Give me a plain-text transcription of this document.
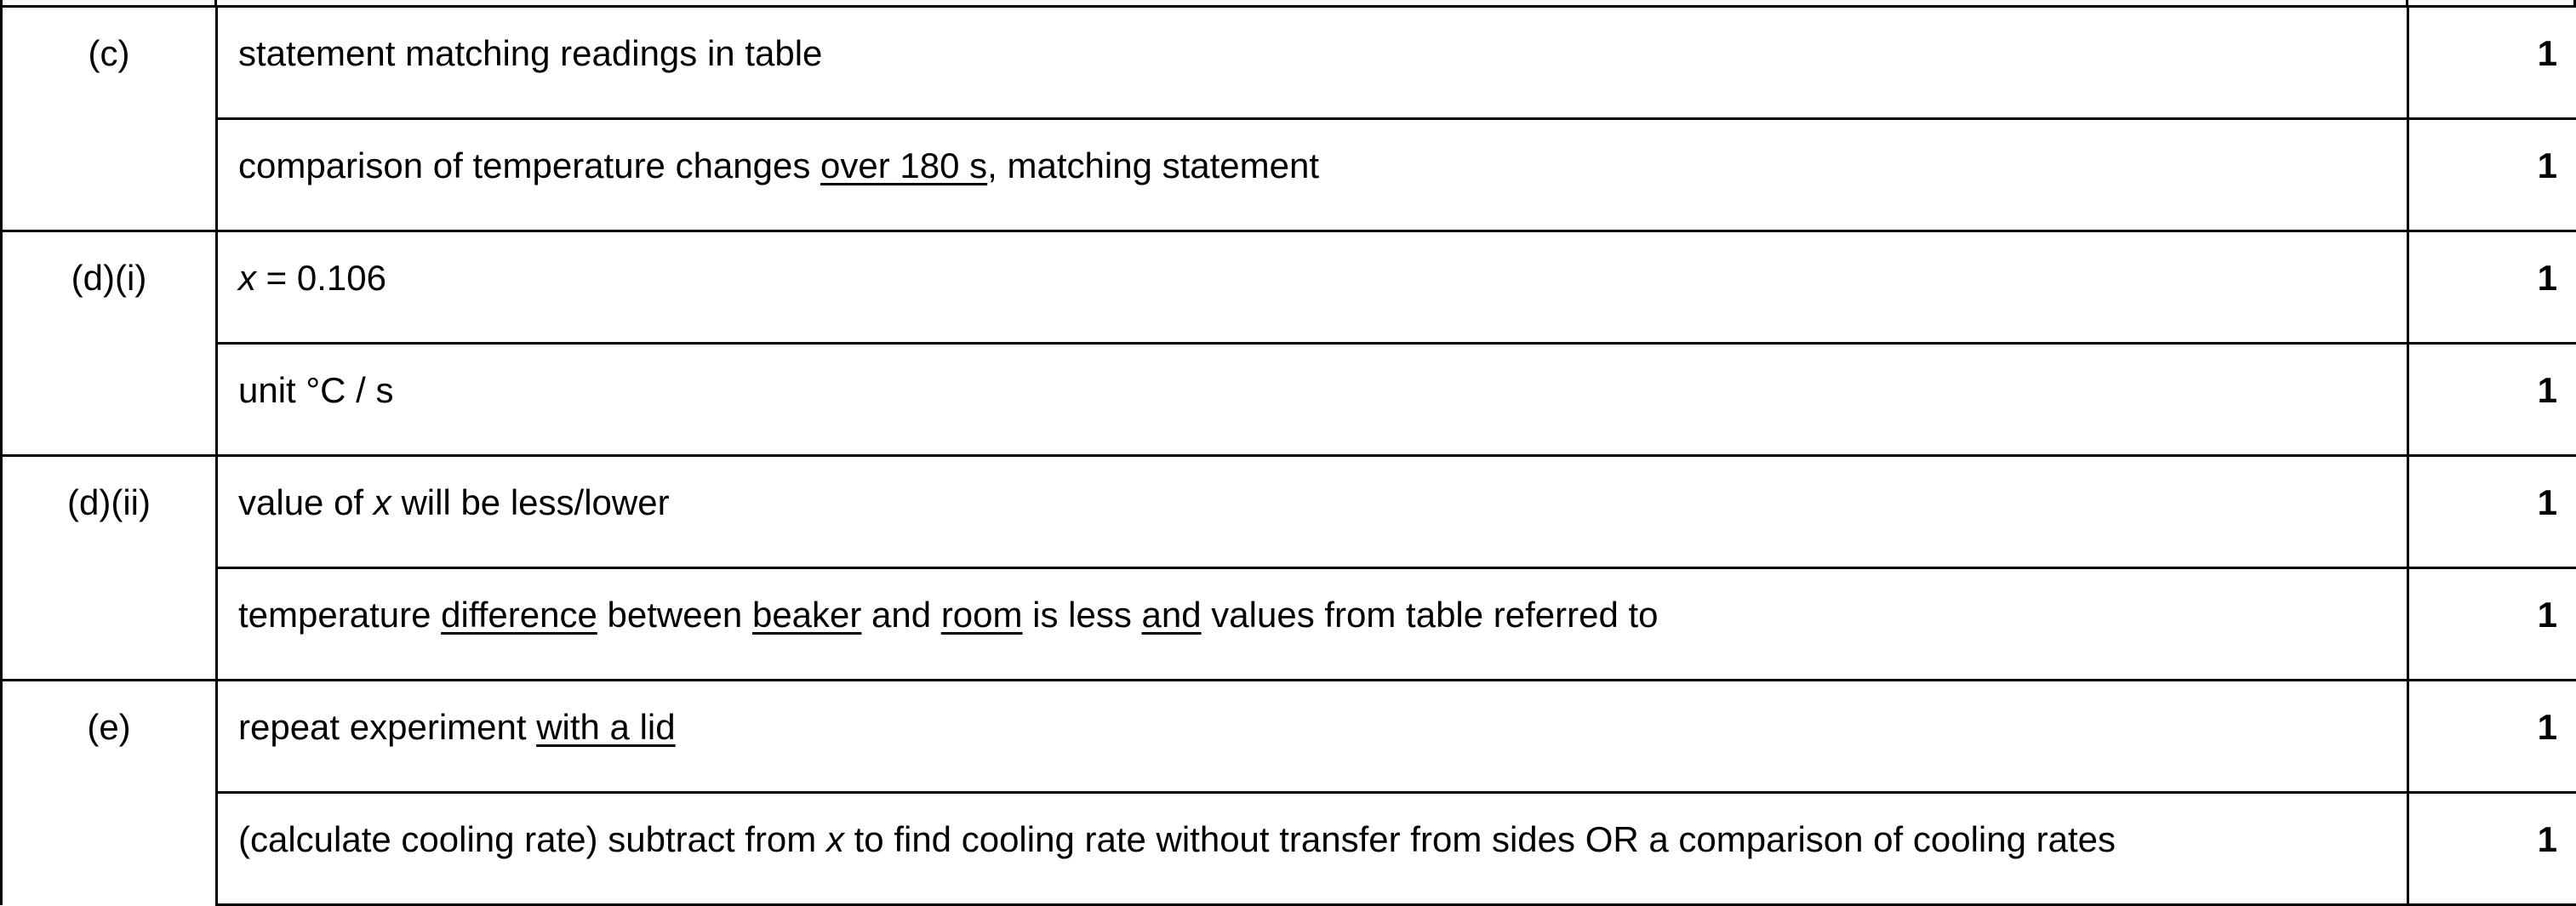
(c)	statement matching readings in table	1
	comparison of temperature changes over 180 s, matching statement	1
(d)(i)	x = 0.106	1
	unit °C / s	1
(d)(ii)	value of x will be less/lower	1
	temperature difference between beaker and room is less and values from table referred to	1
(e)	repeat experiment with a lid	1
	(calculate cooling rate) subtract from x to find cooling rate without transfer from sides OR a comparison of cooling rates	1
